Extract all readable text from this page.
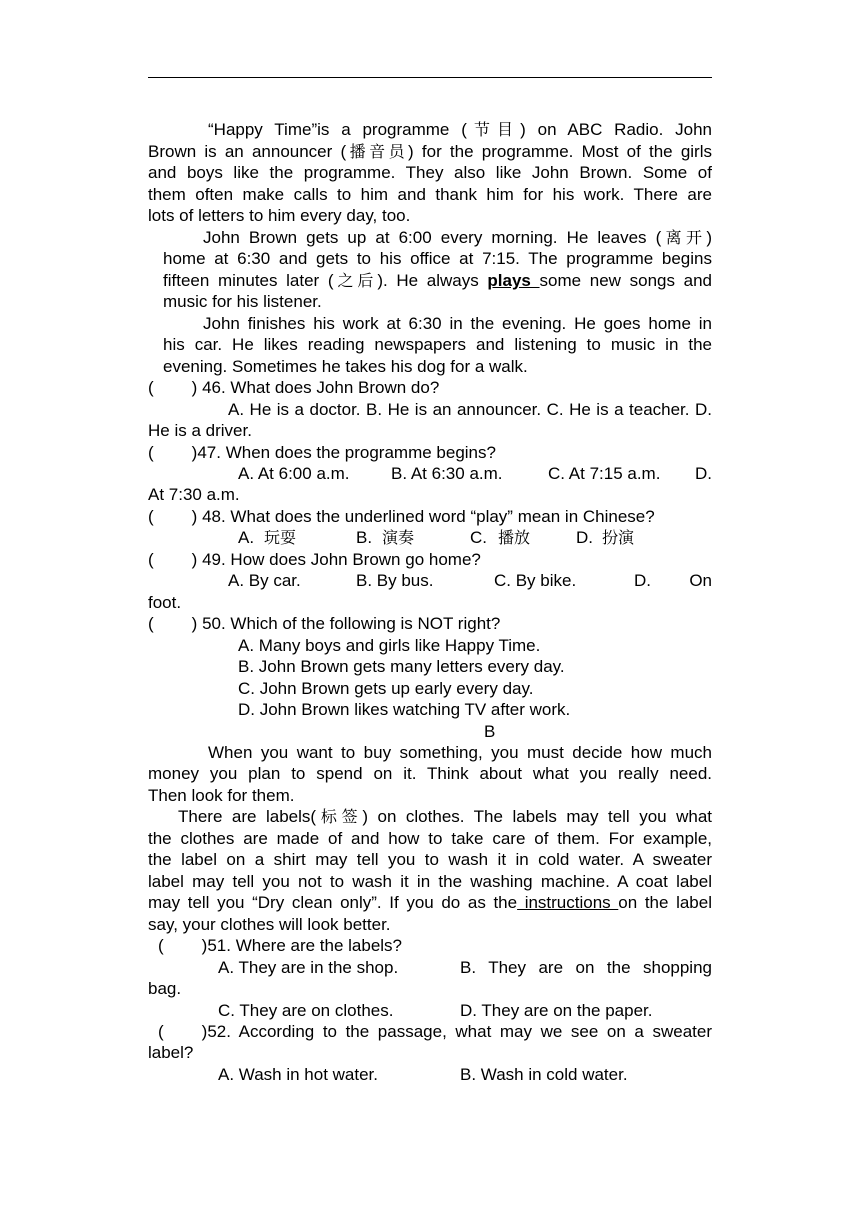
“Happy Time”is a programme (节目) on ABC Radio. John
Brown is an announcer (播音员) for the programme. Most of the girls
and boys like the programme. They also like John Brown. Some of
them often make calls to him and thank him for his work. There are
lots of letters to him every day, too.
John Brown gets up at 6:00 every morning. He leaves (离开)
home at 6:30 and gets to his office at 7:15. The programme begins
fifteen minutes later (之后). He always plays some new songs and
music for his listener.
John finishes his work at 6:30 in the evening. He goes home in
his car. He likes reading newspapers and listening to music in the
evening. Sometimes he takes his dog for a walk.
( ) 46. What does John Brown do?
A. He is a doctor. B. He is an announcer. C. He is a teacher. D.
He is a driver.
( )47. When does the programme begins?
A. At 6:00 a.m. B. At 6:30 a.m.	C. At 7:15 a.m. D.
At 7:30 a.m.
( ) 48. What does the underlined word “play” mean in Chinese?
A. 玩耍	B. 演奏	C. 播放	D. 扮演
( ) 49. How does John Brown go home?
A. By car.	B. By bus.	C. By bike.	D. On
foot.
( ) 50. Which of the following is NOT right?
A. Many boys and girls like Happy Time.
B. John Brown gets many letters every day.
C. John Brown gets up early every day.
D. John Brown likes watching TV after work.
B
When you want to buy something, you must decide how much
money you plan to spend on it. Think about what you really need.
Then look for them.
There are labels(标签) on clothes. The labels may tell you what
the clothes are made of and how to take care of them. For example,
the label on a shirt may tell you to wash it in cold water. A sweater
label may tell you not to wash it in the washing machine. A coat label
may tell you “Dry clean only”. If you do as the instructions on the label
say, your clothes will look better.
( )51. Where are the labels?
A. They are in the shop.	B.  They  are  on  the  shopping
bag.
C. They are on clothes.	D. They are on the paper.
( )52. According to the passage, what may we see on a sweater
label?
A. Wash in hot water.	B. Wash in cold water.
